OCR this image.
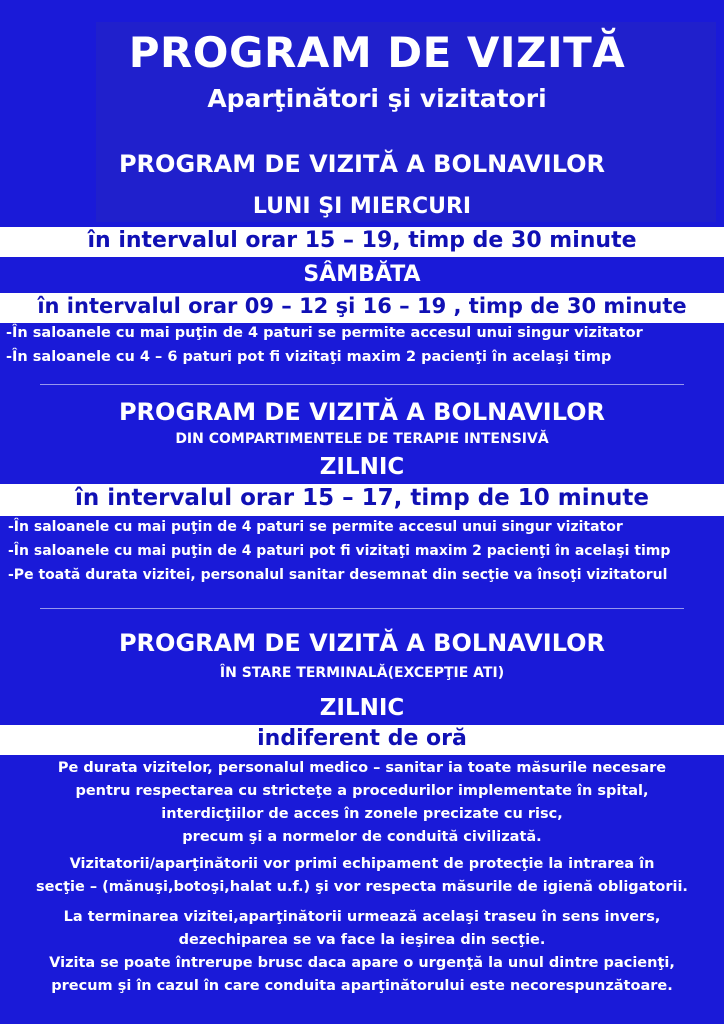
PROGRAM DE VIZITĂ
Aparţinători şi vizitatori
PROGRAM DE VIZITĂ A BOLNAVILOR
LUNI ŞI MIERCURI
în intervalul orar 15 – 19, timp de 30 minute
SÂMBĂTA
în intervalul orar 09 – 12 şi 16 – 19 , timp de 30 minute
-În saloanele cu mai puţin de 4 paturi se permite accesul unui singur vizitator
-În saloanele cu 4 – 6 paturi pot fi vizitaţi maxim 2 pacienţi în acelaşi timp
PROGRAM DE VIZITĂ A BOLNAVILOR
DIN COMPARTIMENTELE DE TERAPIE INTENSIVĂ
ZILNIC
în intervalul orar 15 – 17, timp de 10 minute
-În saloanele cu mai puţin de 4 paturi se permite accesul unui singur vizitator
-În saloanele cu mai puţin de 4 paturi pot fi vizitaţi maxim 2 pacienţi în acelaşi timp
-Pe toată durata vizitei, personalul sanitar desemnat din secţie va însoţi vizitatorul
PROGRAM DE VIZITĂ A BOLNAVILOR
ÎN STARE TERMINALĂ(EXCEPŢIE ATI)
ZILNIC
indiferent de oră
Pe durata vizitelor, personalul medico – sanitar ia toate măsurile necesare
pentru respectarea cu stricteţe a procedurilor implementate în spital,
interdicţiilor de acces în zonele precizate cu risc,
precum şi a normelor de conduită civilizată.
Vizitatorii/aparţinătorii vor primi echipament de protecţie la intrarea în
secţie – (mănuşi,botoşi,halat u.f.) şi vor respecta măsurile de igienă obligatorii.
La terminarea vizitei,aparţinătorii urmează acelaşi traseu în sens invers,
dezechiparea se va face la ieşirea din secţie.
Vizita se poate întrerupe brusc daca apare o urgenţă la unul dintre pacienţi,
precum şi în cazul în care conduita aparţinătorului este necorespunzătoare.
